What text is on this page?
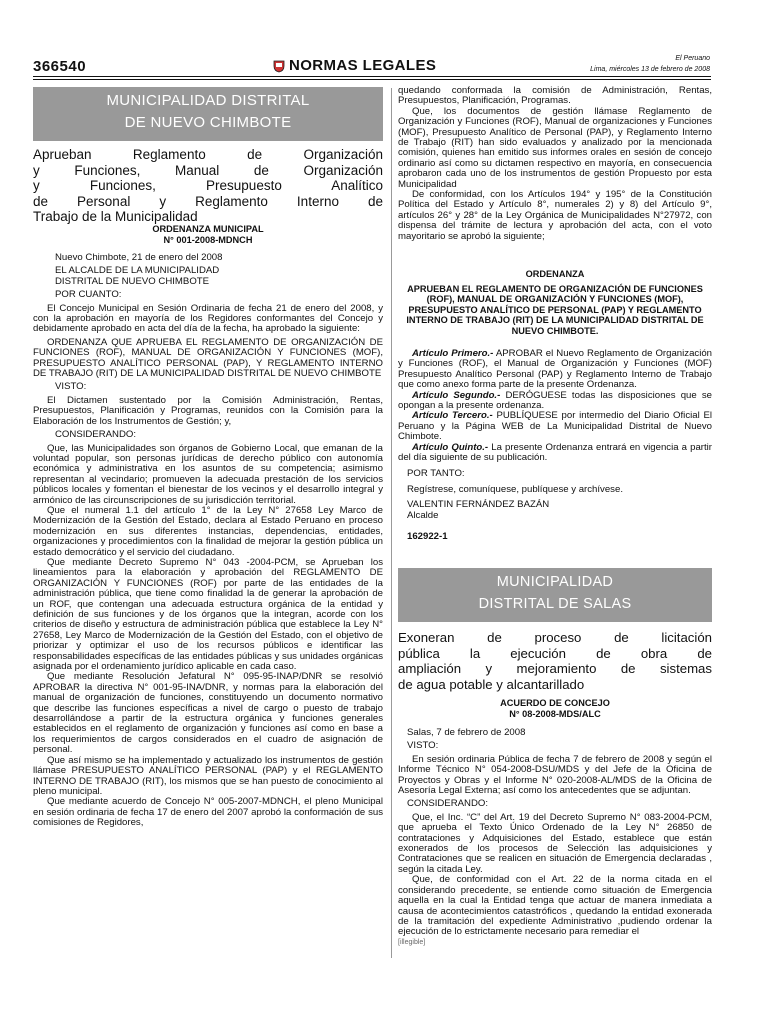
366540	NORMAS LEGALES	El Peruano
Lima, miércoles 13 de febrero de 2008
MUNICIPALIDAD DISTRITAL
DE NUEVO CHIMBOTE
Aprueban Reglamento de Organización
y Funciones, Manual de Organización
y Funciones, Presupuesto Analítico
de Personal y Reglamento Interno de
Trabajo de la Municipalidad
ORDENANZA MUNICIPAL
N° 001-2008-MDNCH

Nuevo Chimbote, 21 de enero del 2008

EL ALCALDE DE LA MUNICIPALIDAD

DISTRITAL DE NUEVO CHIMBOTE

POR CUANTO:

El Concejo Municipal en Sesión Ordinaria de fecha 21 de enero del 2008, y con la aprobación en mayoría de los Regidores conformantes del Concejo y debidamente aprobado en acta del día de la fecha, ha aprobado la siguiente:

ORDENANZA QUE APRUEBA EL REGLAMENTO DE ORGANIZACIÓN DE FUNCIONES (ROF), MANUAL DE ORGANIZACIÓN Y FUNCIONES (MOF), PRESUPUESTO ANALÍTICO PERSONAL (PAP), Y REGLAMENTO INTERNO DE TRABAJO (RIT) DE LA MUNICIPALIDAD DISTRITAL DE NUEVO CHIMBOTE

VISTO:

El Dictamen sustentado por la Comisión Administración, Rentas, Presupuestos, Planificación y Programas, reunidos con la Comisión para la Elaboración de los Instrumentos de Gestión; y,

CONSIDERANDO:

Que, las Municipalidades son órganos de Gobierno Local, que emanan de la voluntad popular, son personas jurídicas de derecho público con autonomía económica y administrativa en los asuntos de su competencia; asimismo representan al vecindario; promueven la adecuada prestación de los servicios públicos locales y fomentan el bienestar de los vecinos y el desarrollo integral y armónico de las circunscripciones de su jurisdicción territorial.

Que el numeral 1.1 del artículo 1° de la Ley N° 27658 Ley Marco de Modernización de la Gestión del Estado, declara al Estado Peruano en proceso modernización en sus diferentes instancias, dependencias, entidades, organizaciones y procedimientos con la finalidad de mejorar la gestión pública un estado democrático y el servicio del ciudadano.

Que mediante Decreto Supremo N° 043 -2004-PCM, se Aprueban los lineamientos para la elaboración y aprobación del REGLAMENTO DE ORGANIZACIÓN Y FUNCIONES (ROF) por parte de las entidades de la administración pública, que tiene como finalidad la de generar la aprobación de un ROF, que contengan una adecuada estructura orgánica de la entidad y definición de sus funciones y de los órganos que la integran, acorde con los criterios de diseño y estructura de administración pública que establece la Ley N° 27658, Ley Marco de Modernización de la Gestión del Estado, con el objetivo de priorizar y optimizar el uso de los recursos públicos e identificar las responsabilidades específicas de las entidades públicas y sus unidades orgánicas asignada por el ordenamiento jurídico aplicable en cada caso.

Que mediante Resolución Jefatural N° 095-95-INAP/DNR se resolvió APROBAR la directiva N° 001-95-INA/DNR, y normas para la elaboración del manual de organización de funciones, constituyendo un documento normativo que describe las funciones específicas a nivel de cargo o puesto de trabajo desarrollándose a partir de la estructura orgánica y funciones generales establecidos en el reglamento de organización y funciones así como en base a los requerimientos de cargos considerados en el cuadro de asignación de personal.

Que así mismo se ha implementado y actualizado los instrumentos de gestión llámase PRESUPUESTO ANALÍTICO PERSONAL (PAP) y el REGLAMENTO INTERNO DE TRABAJO (RIT), los mismos que se han puesto de conocimiento al pleno municipal.

Que mediante acuerdo de Concejo N° 005-2007-MDNCH, el pleno Municipal en sesión ordinaria de fecha 17 de enero del 2007 aprobó la conformación de sus comisiones de Regidores,

quedando conformada la comisión de Administración, Rentas, Presupuestos, Planificación, Programas.

Que, los documentos de gestión llámase Reglamento de Organización y Funciones (ROF), Manual de organizaciones y Funciones (MOF), Presupuesto Analítico de Personal (PAP), y Reglamento Interno de Trabajo (RIT) han sido evaluados y analizado por la mencionada comisión, quienes han emitido sus informes orales en sesión de concejo ordinario así como su dictamen respectivo en mayoría, en consecuencia aprobaron cada uno de los instrumentos de gestión Propuesto por esta Municipalidad

De conformidad, con los Artículos 194° y 195° de la Constitución Política del Estado y Artículo 8°, numerales 2) y 8) del Artículo 9°, artículos 26° y 28° de la Ley Orgánica de Municipalidades N°27972, con dispensa del trámite de lectura y aprobación del acta, con el voto mayoritario se aprobó la siguiente;

ORDENANZA
APRUEBAN EL REGLAMENTO DE ORGANIZACIÓN DE FUNCIONES (ROF), MANUAL DE ORGANIZACIÓN Y FUNCIONES (MOF), PRESUPUESTO ANALÍTICO DE PERSONAL (PAP) Y REGLAMENTO INTERNO DE TRABAJO (RIT) DE LA MUNICIPALIDAD DISTRITAL DE NUEVO CHIMBOTE.

Artículo Primero.- APROBAR el Nuevo Reglamento de Organización y Funciones (ROF), el Manual de Organización y Funciones (MOF) Presupuesto Analítico Personal (PAP) y Reglamento Interno de Trabajo que como anexo forma parte de la presente Ordenanza.

Artículo Segundo.- DERÓGUESE todas las disposiciones que se opongan a la presente ordenanza.

Artículo Tercero.- PUBLÍQUESE por intermedio del Diario Oficial El Peruano y la Página WEB de La Municipalidad Distrital de Nuevo Chimbote.

Artículo Quinto.- La presente Ordenanza entrará en vigencia a partir del día siguiente de su publicación.

POR TANTO:

Regístrese, comuníquese, publíquese y archívese.

VALENTIN FERNÁNDEZ BAZÁN

Alcalde

162922-1

MUNICIPALIDAD
DISTRITAL DE SALAS
Exoneran de proceso de licitación
pública la ejecución de obra de
ampliación y mejoramiento de sistemas
de agua potable y alcantarillado
ACUERDO DE CONCEJO
N° 08-2008-MDS/ALC

Salas, 7 de febrero de 2008

VISTO:

En sesión ordinaria Pública de fecha 7 de febrero de 2008 y según el Informe Técnico N° 054-2008-DSU/MDS y del Jefe de la Oficina de Proyectos y Obras y el Informe N° 020-2008-AL/MDS de la Oficina de Asesoría Legal Externa; así como los antecedentes que se adjuntan.

CONSIDERANDO:

Que, el Inc. “C” del Art. 19 del Decreto Supremo N° 083-2004-PCM, que aprueba el Texto Único Ordenado de la Ley N° 26850 de contrataciones y Adquisiciones del Estado, establece que están exonerados de los procesos de Selección las adquisiciones y Contrataciones que se realicen en situación de Emergencia declaradas , según la citada Ley.

Que, de conformidad con el Art. 22 de la norma citada en el considerando precedente, se entiende como situación de Emergencia aquella en la cual la Entidad tenga que actuar de manera inmediata a causa de acontecimientos catastróficos , quedando la entidad exonerada de la tramitación del expediente Administrativo ,pudiendo ordenar la ejecución de lo estrictamente necesario para remediar el

[illegible]
